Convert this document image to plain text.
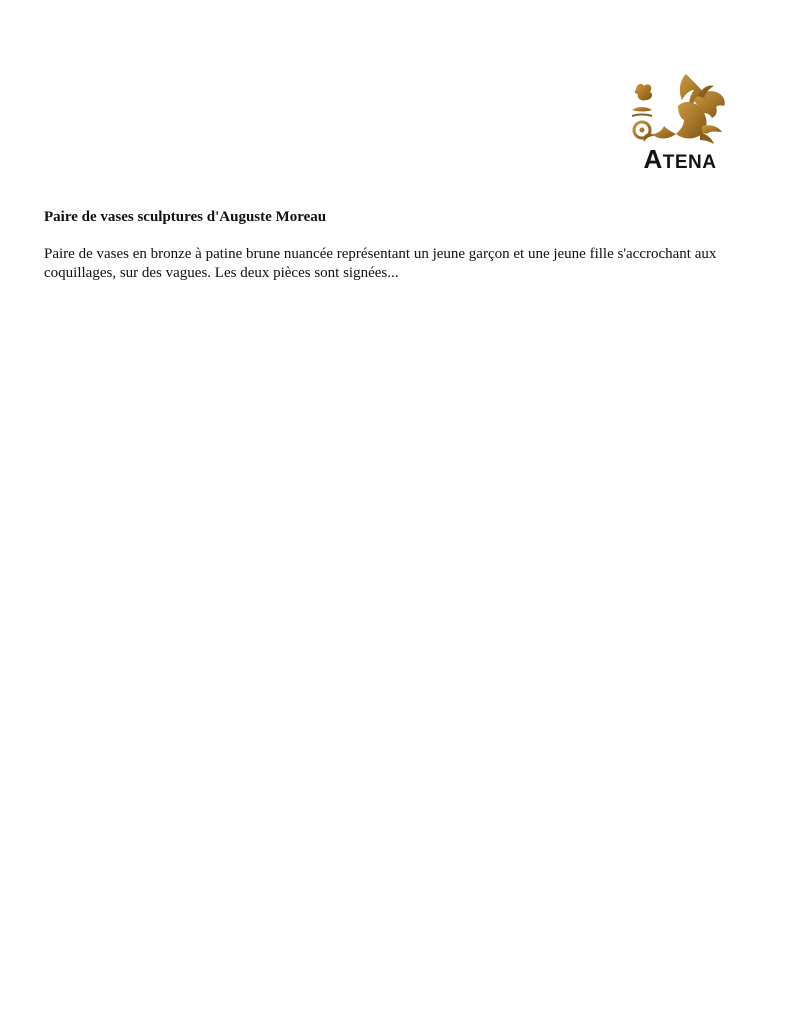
ATENA
Paire de vases sculptures d'Auguste Moreau

Paire de vases en bronze à patine brune nuancée représentant un jeune garçon et une jeune fille s'accrochant aux coquillages, sur des vagues. Les deux pièces sont signées...
